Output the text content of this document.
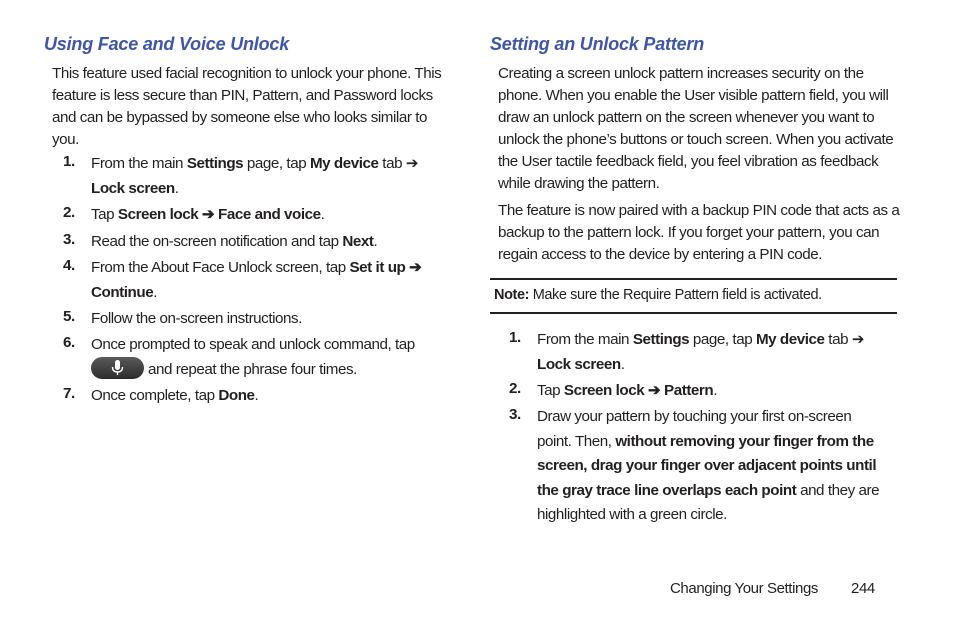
Using Face and Voice Unlock

This feature used facial recognition to unlock your phone. This feature is less secure than PIN, Pattern, and Password locks and can be bypassed by someone else who looks similar to you.

1. From the main Settings page, tap My device tab ➔
Lock screen.
2. Tap Screen lock ➔ Face and voice.
3. Read the on-screen notification and tap Next.
4. From the About Face Unlock screen, tap Set it up ➔
Continue.
5. Follow the on-screen instructions.
6. Once prompted to speak and unlock command, tap

and repeat the phrase four times.
7. Once complete, tap Done.
Setting an Unlock Pattern

Creating a screen unlock pattern increases security on the phone. When you enable the User visible pattern field, you will draw an unlock pattern on the screen whenever you want to unlock the phone’s buttons or touch screen. When you activate the User tactile feedback field, you feel vibration as feedback while drawing the pattern.

The feature is now paired with a backup PIN code that acts as a backup to the pattern lock. If you forget your pattern, you can regain access to the device by entering a PIN code.

Note: Make sure the Require Pattern field is activated.
1. From the main Settings page, tap My device tab ➔
Lock screen.
2. Tap Screen lock ➔ Pattern.
3. Draw your pattern by touching your first on-screen point. Then, without removing your finger from the screen, drag your finger over adjacent points until the gray trace line overlaps each point and they are highlighted with a green circle.
Changing Your Settings 244
